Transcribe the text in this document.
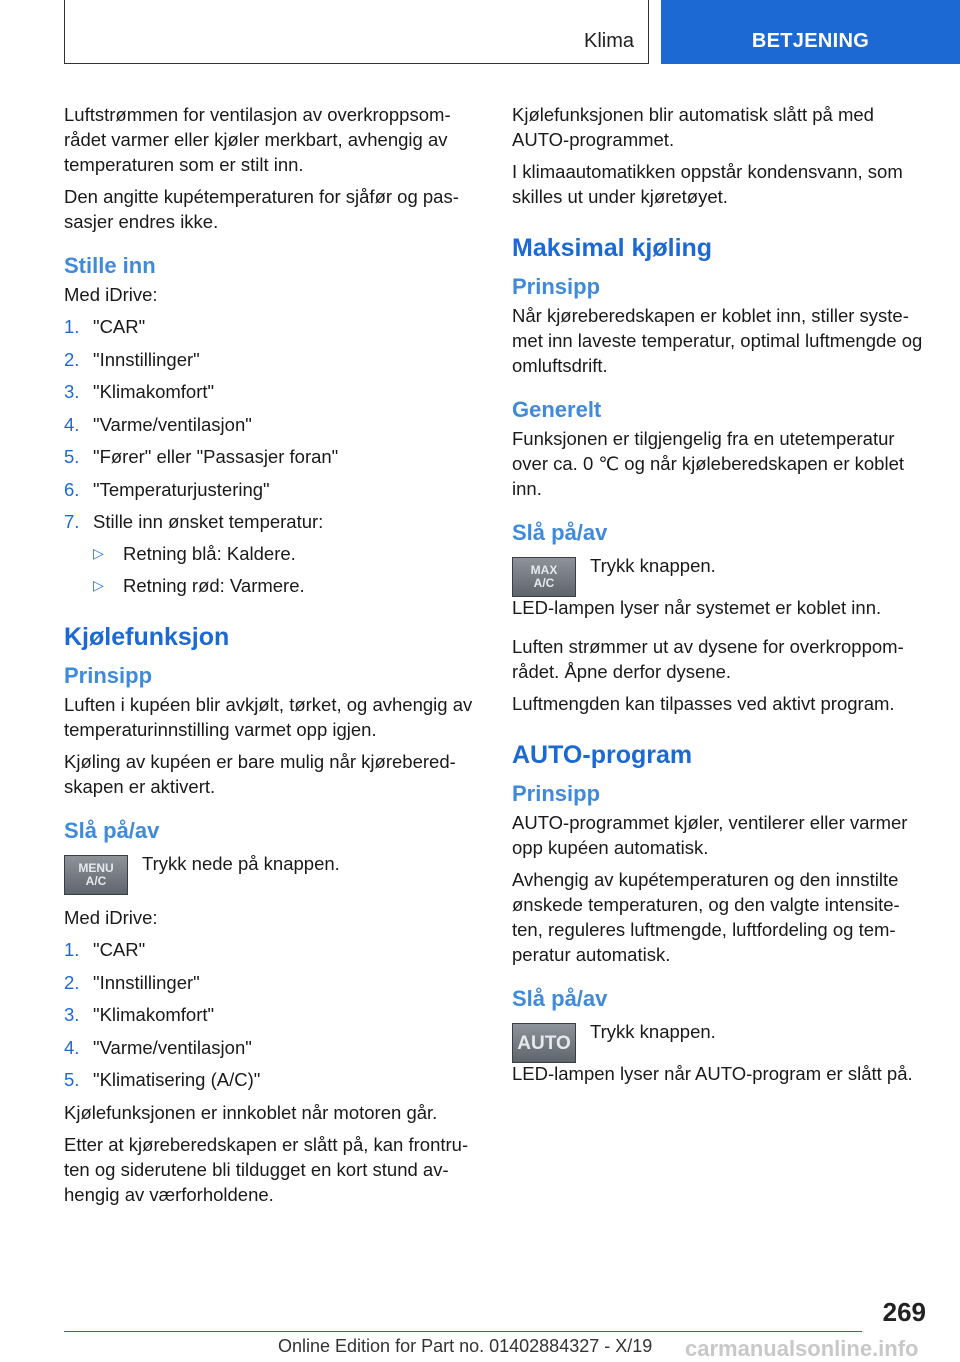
Klima	BETJENING

Luftstrømmen for ventilasjon av overkroppsområdet varmer eller kjøler merkbart, avhengig av temperaturen som er stilt inn.

Den angitte kupétemperaturen for sjåfør og passasjer endres ikke.

Stille inn

Med iDrive:

1. "CAR"
2. "Innstillinger"
3. "Klimakomfort"
4. "Varme/ventilasjon"
5. "Fører" eller "Passasjer foran"
6. "Temperaturjustering"
7. Stille inn ønsket temperatur:
▷ Retning blå: Kaldere.
▷ Retning rød: Varmere.
Kjølefunksjon
Prinsipp

Luften i kupéen blir avkjølt, tørket, og avhengig av temperaturinnstilling varmet opp igjen.

Kjøling av kupéen er bare mulig når kjøreberedskapen er aktivert.

Slå på/av
MENU
A/C

Trykk nede på knappen.

Med iDrive:

1. "CAR"
2. "Innstillinger"
3. "Klimakomfort"
4. "Varme/ventilasjon"
5. "Klimatisering (A/C)"

Kjølefunksjonen er innkoblet når motoren går.

Etter at kjøreberedskapen er slått på, kan frontruten og siderutene bli tildugget en kort stund avhengig av værforholdene.

Kjølefunksjonen blir automatisk slått på med AUTO-programmet.

I klimaautomatikken oppstår kondensvann, som skilles ut under kjøretøyet.

Maksimal kjøling
Prinsipp

Når kjøreberedskapen er koblet inn, stiller systemet inn laveste temperatur, optimal luftmengde og omluftsdrift.

Generelt

Funksjonen er tilgjengelig fra en utetemperatur over ca. 0 ℃ og når kjøleberedskapen er koblet inn.

Slå på/av
MAX
A/C

Trykk knappen.

LED-lampen lyser når systemet er koblet inn.

Luften strømmer ut av dysene for overkroppområdet. Åpne derfor dysene.

Luftmengden kan tilpasses ved aktivt program.

AUTO-program
Prinsipp

AUTO-programmet kjøler, ventilerer eller varmer opp kupéen automatisk.

Avhengig av kupétemperaturen og den innstilte ønskede temperaturen, og den valgte intensiteten, reguleres luftmengde, luftfordeling og temperatur automatisk.

Slå på/av
AUTO

Trykk knappen.

LED-lampen lyser når AUTO-program er slått på.

269
Online Edition for Part no. 01402884327 - X/19 carmanualsonline.info
